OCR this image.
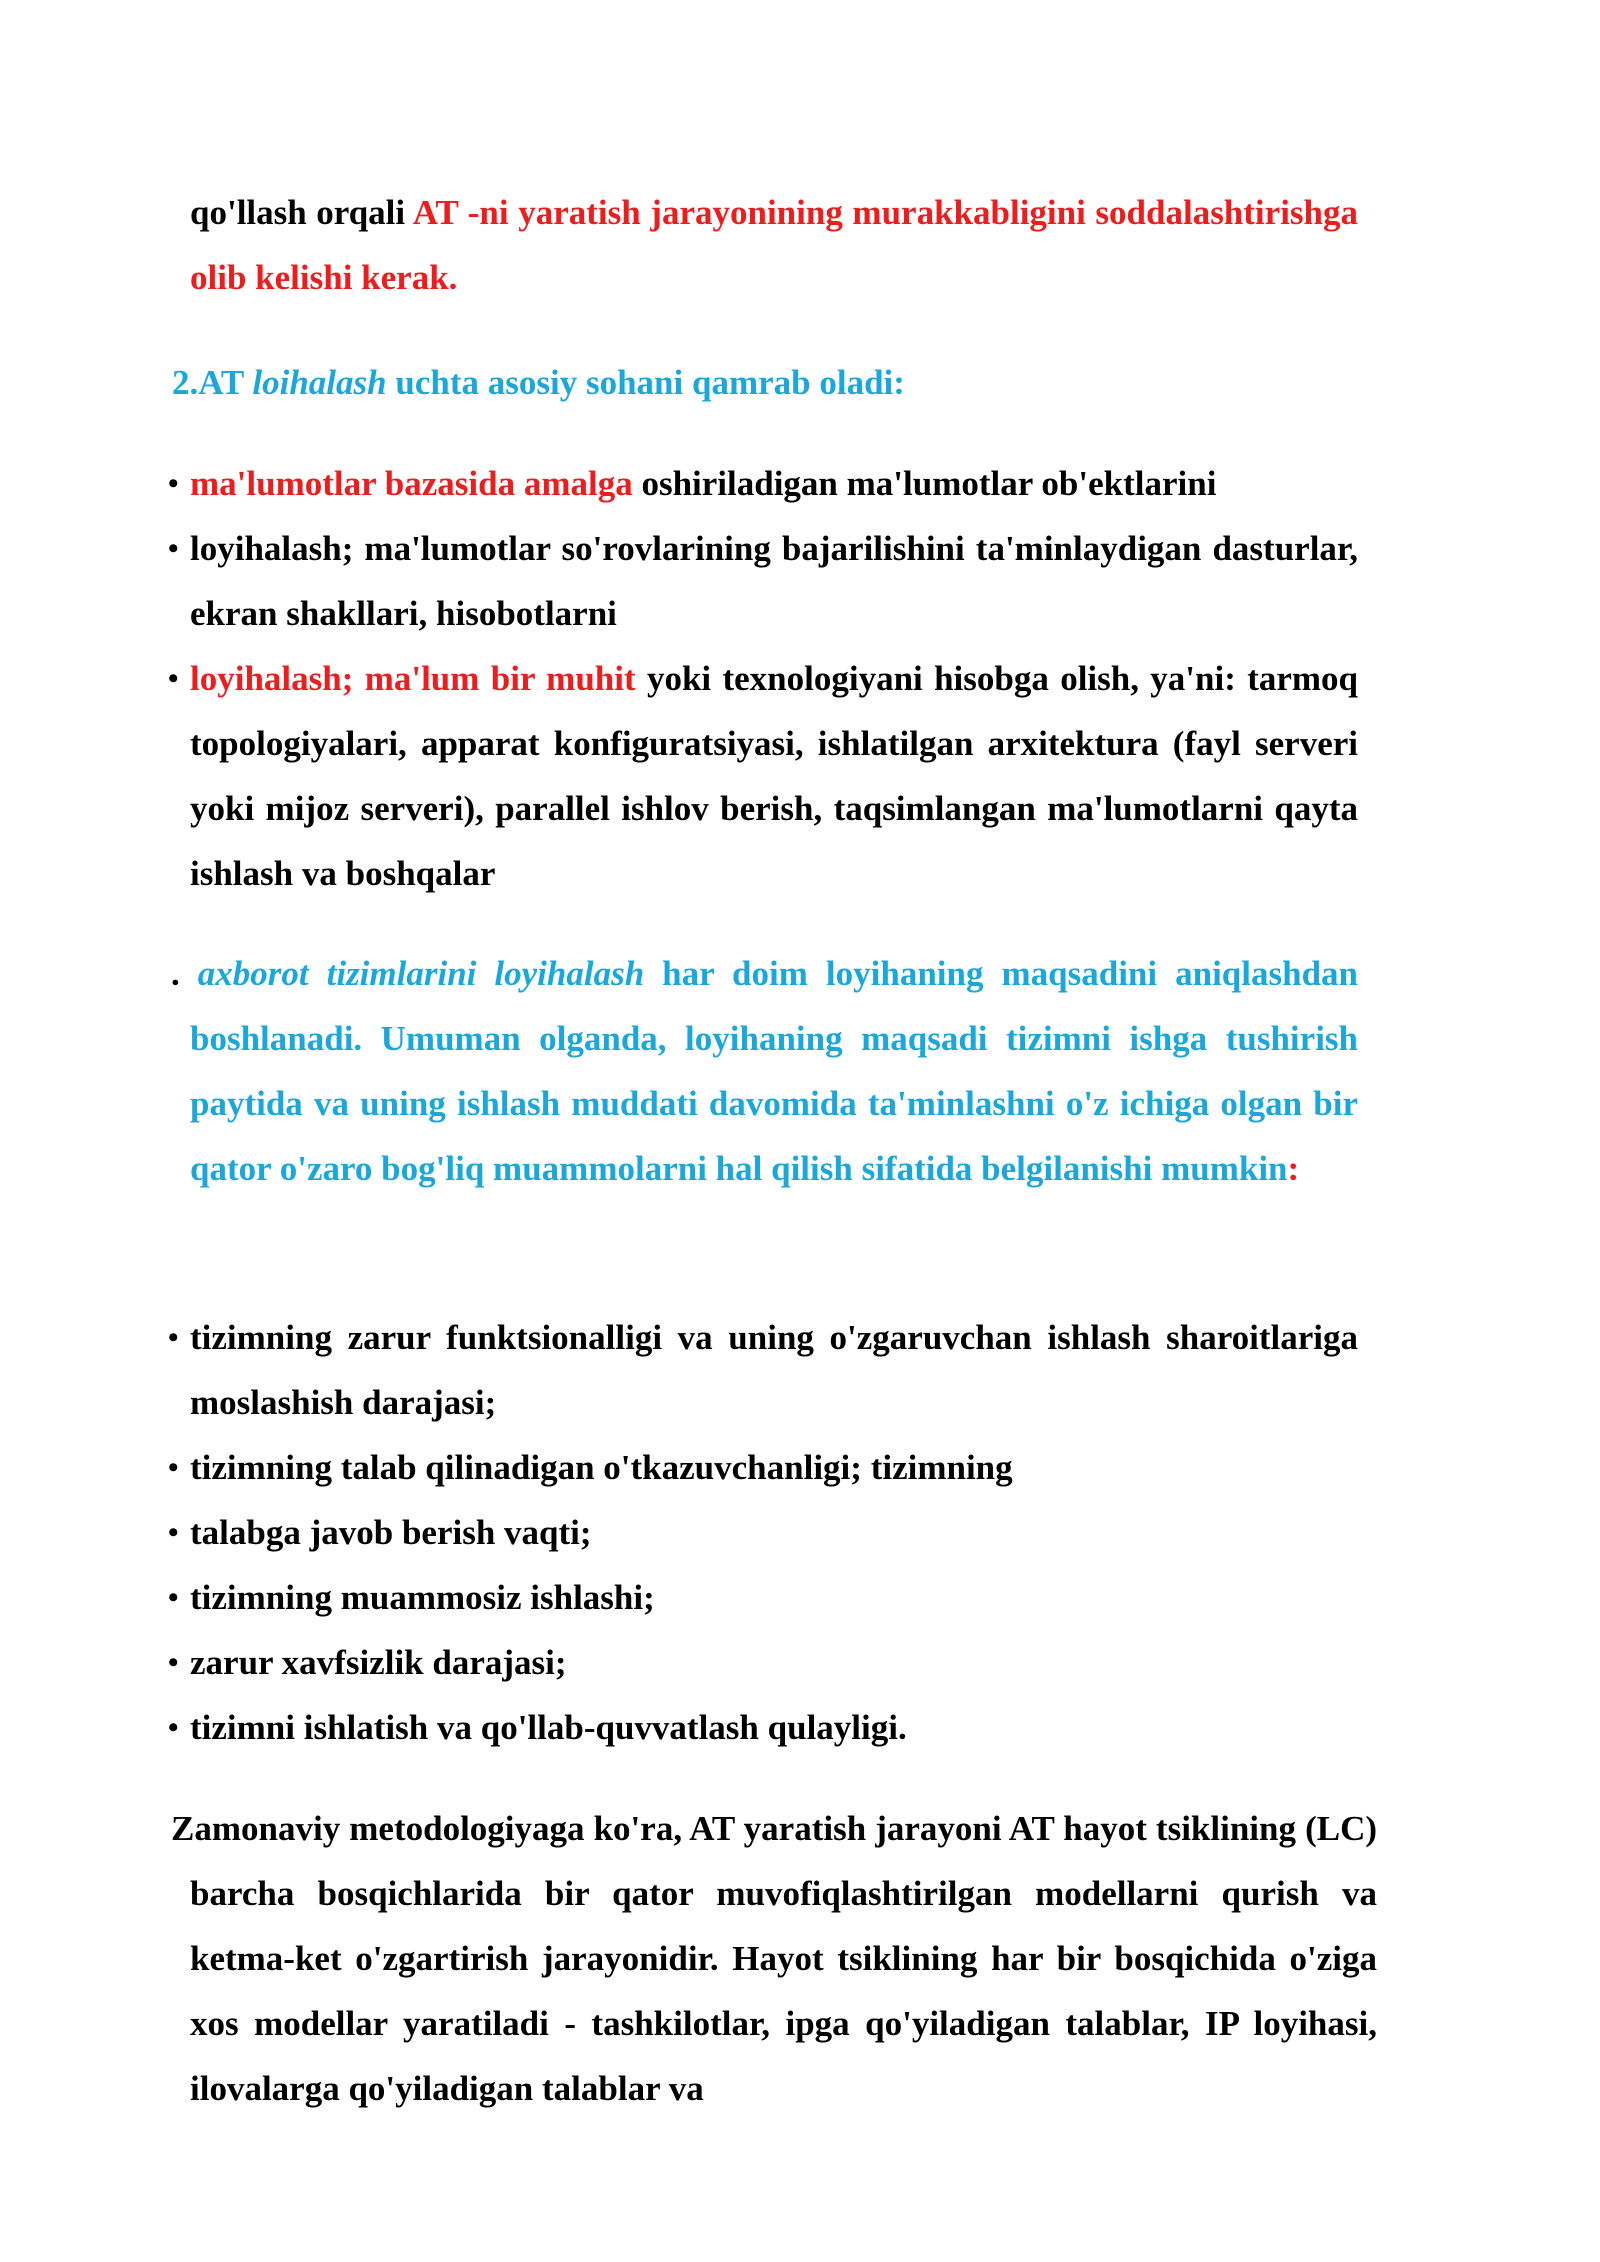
qo'llash orqali AT -ni yaratish jarayonining murakkabligini soddalashtirishga olib kelishi kerak.

2.AT loihalash uchta asosiy sohani qamrab oladi:

• ma'lumotlar bazasida amalga oshiriladigan ma'lumotlar ob'ektlarini
• loyihalash; ma'lumotlar so'rovlarining bajarilishini ta'minlaydigan dasturlar, ekran shakllari, hisobotlarni
• loyihalash; ma'lum bir muhit yoki texnologiyani hisobga olish, ya'ni: tarmoq topologiyalari, apparat konfiguratsiyasi, ishlatilgan arxitektura (fayl serveri yoki mijoz serveri), parallel ishlov berish, taqsimlangan ma'lumotlarni qayta ishlash va boshqalar

. axborot tizimlarini loyihalash har doim loyihaning maqsadini aniqlashdan boshlanadi. Umuman olganda, loyihaning maqsadi tizimni ishga tushirish paytida va uning ishlash muddati davomida ta'minlashni o'z ichiga olgan bir qator o'zaro bog'liq muammolarni hal qilish sifatida belgilanishi mumkin:

• tizimning zarur funktsionalligi va uning o'zgaruvchan ishlash sharoitlariga moslashish darajasi;
• tizimning talab qilinadigan o'tkazuvchanligi; tizimning
• talabga javob berish vaqti;
• tizimning muammosiz ishlashi;
• zarur xavfsizlik darajasi;
• tizimni ishlatish va qo'llab-quvvatlash qulayligi.

Zamonaviy metodologiyaga ko'ra, AT yaratish jarayoni AT hayot tsiklining (LC) barcha bosqichlarida bir qator muvofiqlashtirilgan modellarni qurish va ketma-ket o'zgartirish jarayonidir. Hayot tsiklining har bir bosqichida o'ziga xos modellar yaratiladi - tashkilotlar, ipga qo'yiladigan talablar, IP loyihasi, ilovalarga qo'yiladigan talablar va
